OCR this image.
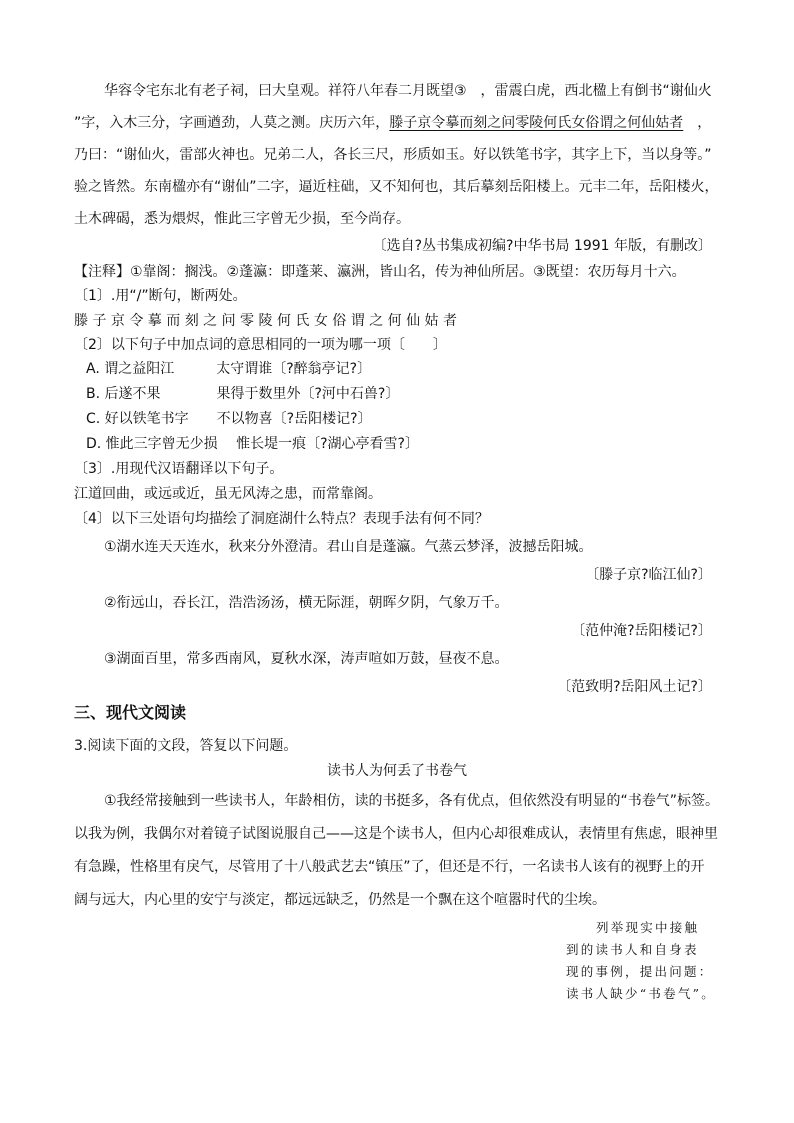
华容令宅东北有老子祠，曰大皇观。祥符八年春二月既望③　，雷震白虎，西北楹上有倒书“谢仙火
”字，入木三分，字画遒劲，人莫之测。庆历六年，滕子京令摹而刻之问零陵何氏女俗谓之何仙姑者　，
乃曰：“谢仙火，雷部火神也。兄弟二人，各长三尺，形质如玉。好以铁笔书字，其字上下，当以身等。”
验之皆然。东南楹亦有“谢仙”二字，逼近柱础，又不知何也，其后摹刻岳阳楼上。元丰二年，岳阳楼火，
土木碑碣，悉为煨烬，惟此三字曾无少损，至今尚存。
〔选自?丛书集成初编?中华书局 1991 年版，有删改〕
【注释】①靠阁：搁浅。②蓬瀛：即蓬莱、瀛洲，皆山名，传为神仙所居。③既望：农历每月十六。
〔1〕.用“/”断句，断两处。
滕 子 京 令 摹 而 刻 之 问 零 陵 何 氏 女 俗 谓 之 何 仙 姑 者
〔2〕以下句子中加点词的意思相同的一项为哪一项〔　　〕
A. 谓之益阳江　　　太守谓谁〔?醉翁亭记?〕
B. 后遂不果　　　　果得于数里外〔?河中石兽?〕
C. 好以铁笔书字　　不以物喜〔?岳阳楼记?〕
D. 惟此三字曾无少损　 惟长堤一痕〔?湖心亭看雪?〕
〔3〕.用现代汉语翻译以下句子。
江道回曲，或远或近，虽无风涛之患，而常靠阁。
〔4〕以下三处语句均描绘了洞庭湖什么特点？表现手法有何不同？
①湖水连天天连水，秋来分外澄清。君山自是蓬瀛。气蒸云梦泽，波撼岳阳城。
〔滕子京?临江仙?〕
②衔远山，吞长江，浩浩汤汤，横无际涯，朝晖夕阴，气象万千。
〔范仲淹?岳阳楼记?〕
③湖面百里，常多西南风，夏秋水深，涛声喧如万鼓，昼夜不息。
〔范致明?岳阳风土记?〕
三、现代文阅读
3.阅读下面的文段，答复以下问题。
读书人为何丢了书卷气
①我经常接触到一些读书人，年龄相仿，读的书挺多，各有优点，但依然没有明显的“书卷气”标签。
以我为例，我偶尔对着镜子试图说服自己——这是个读书人，但内心却很难成认，表情里有焦虑，眼神里
有急躁，性格里有戾气，尽管用了十八般武艺去“镇压”了，但还是不行，一名读书人该有的视野上的开
阔与远大，内心里的安宁与淡定，都远远缺乏，仍然是一个飘在这个喧嚣时代的尘埃。
列举现实中接触
到的读书人和自身表
现的事例，提出问题：
读书人缺少“书卷气”。
